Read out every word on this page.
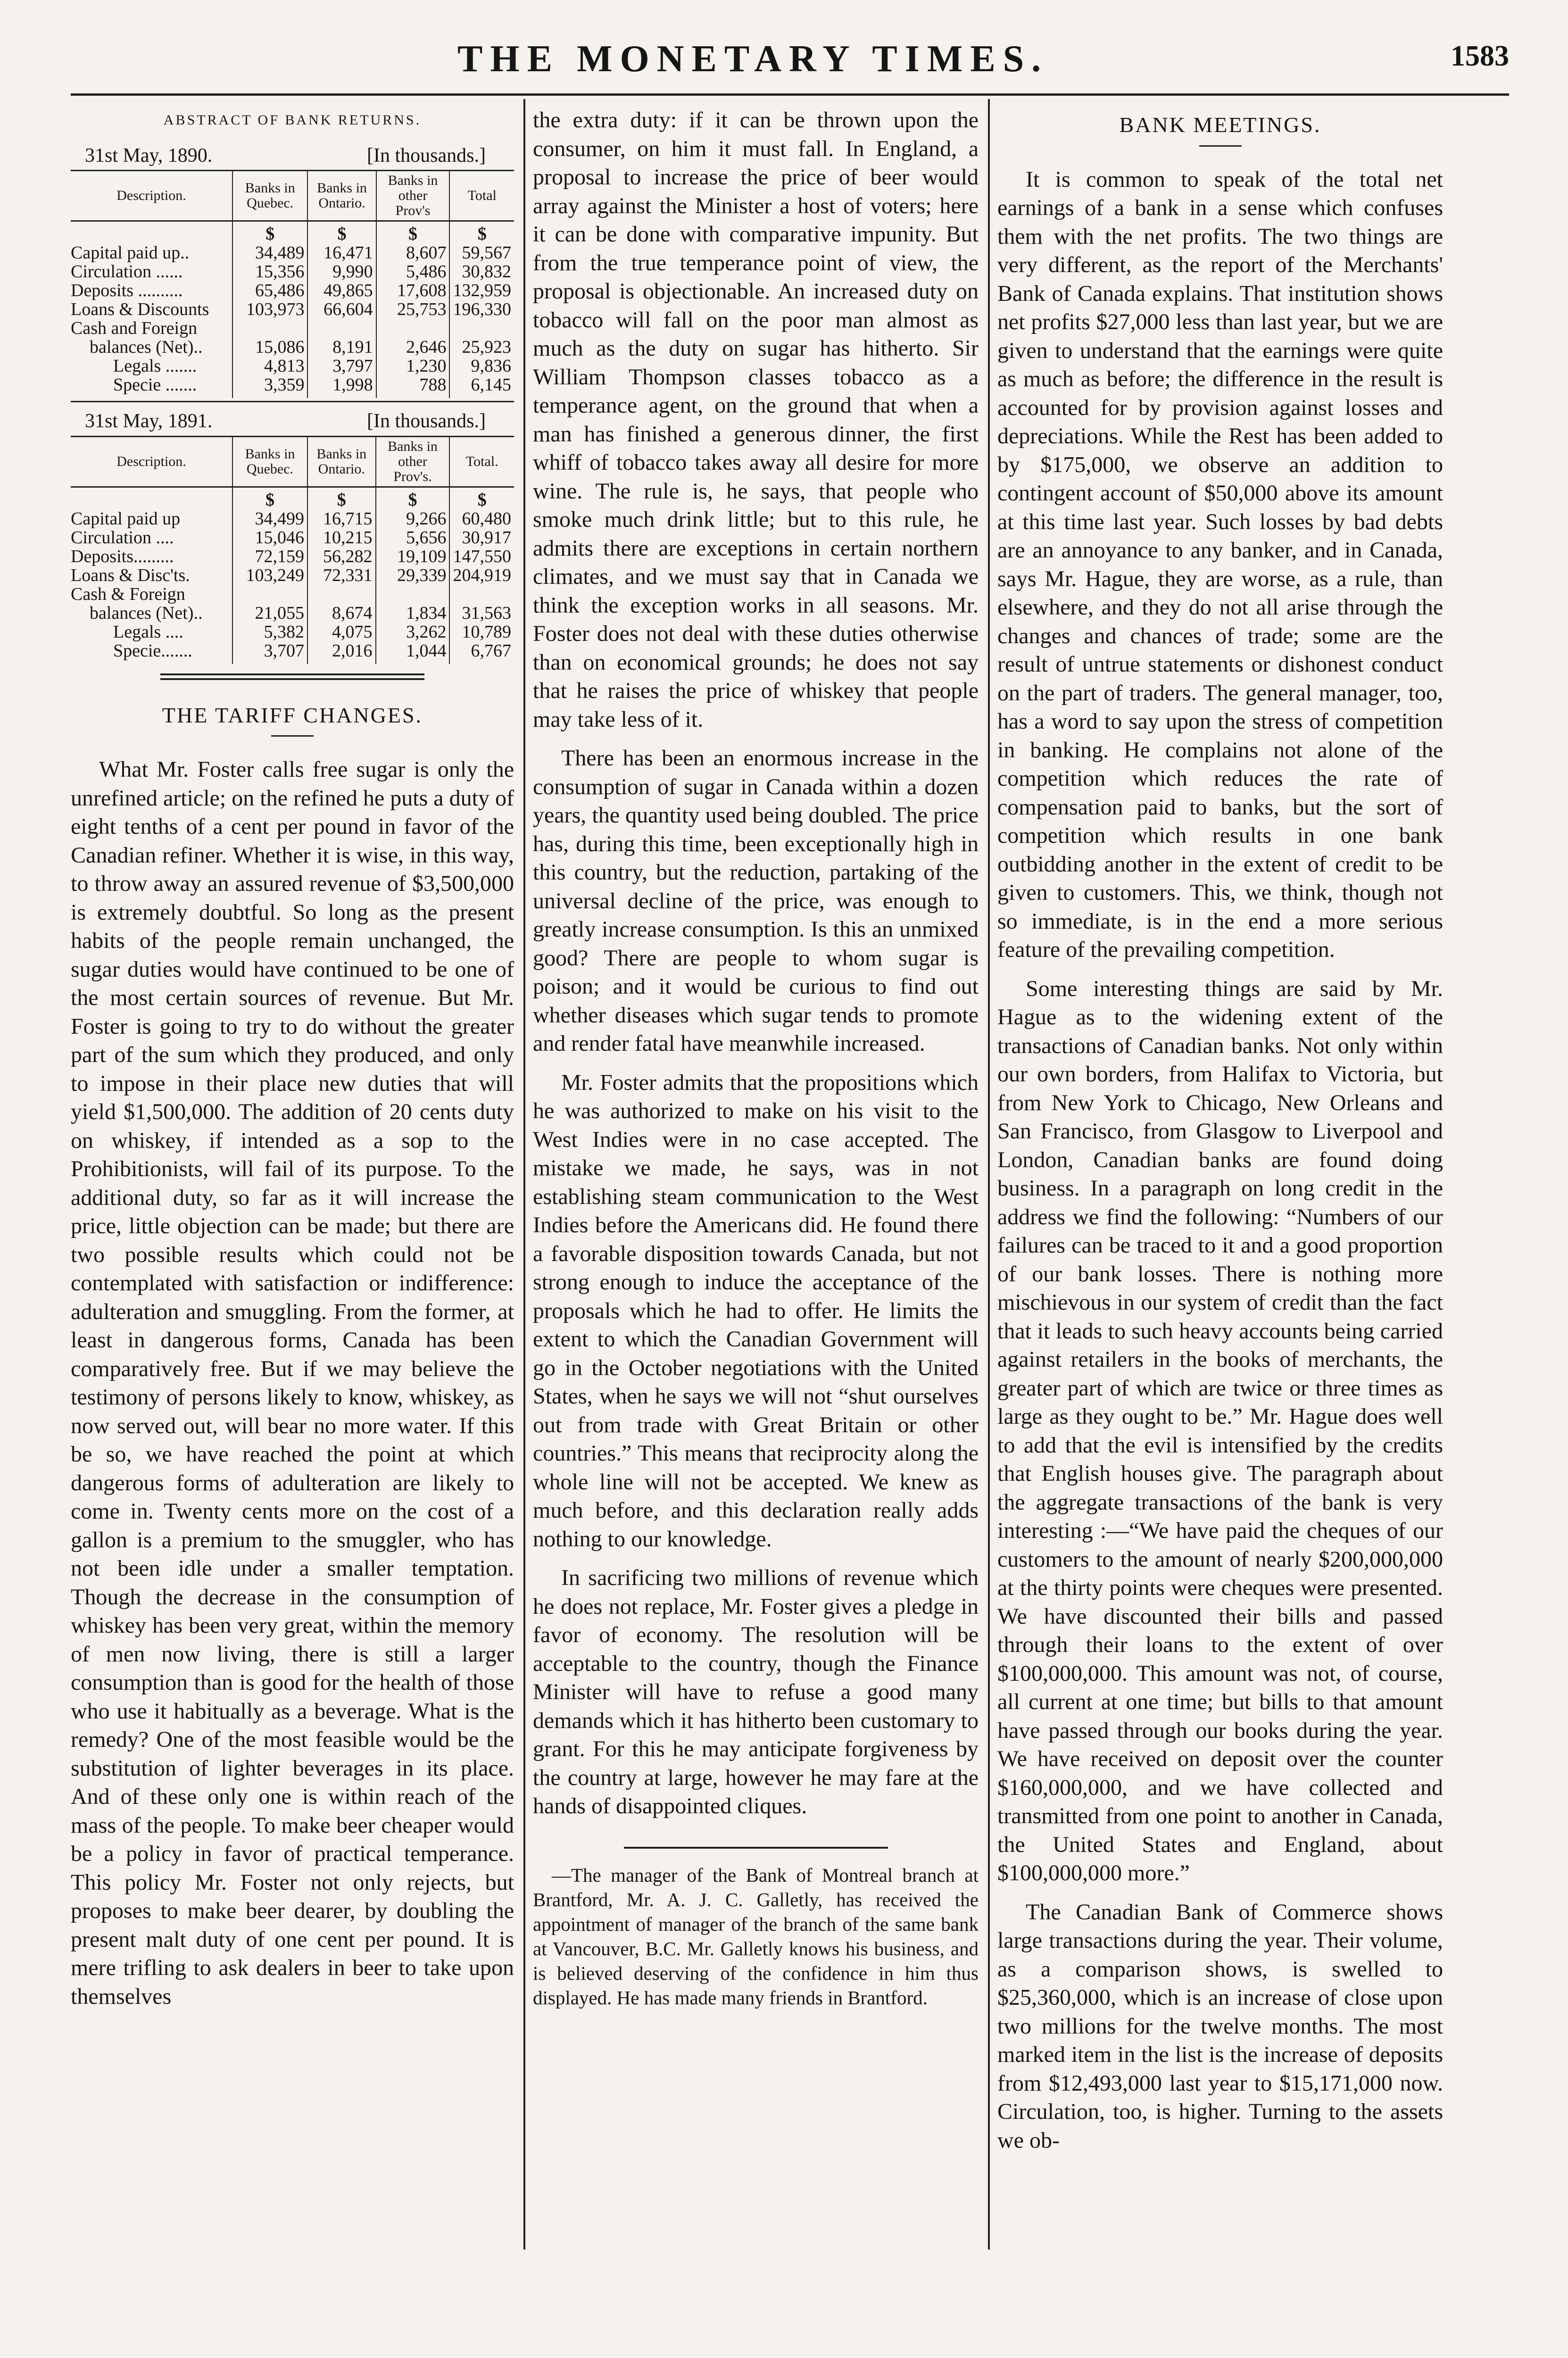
THE MONETARY TIMES.	1583
ABSTRACT OF BANK RETURNS.
31st May, 1890.	[In thousands.]
Description.	Banks in Quebec.	Banks in Ontario.	Banks in other Prov's	Total
	$	$	$	$
Capital paid up..	34,489	16,471	8,607	59,567
Circulation ......	15,356	9,990	5,486	30,832
Deposits ..........	65,486	49,865	17,608	132,959
Loans & Discounts	103,973	66,604	25,753	196,330
Cash and Foreign				
balances (Net)..	15,086	8,191	2,646	25,923
Legals .......	4,813	3,797	1,230	9,836
Specie .......	3,359	1,998	788	6,145
31st May, 1891.	[In thousands.]
Description.	Banks in Quebec.	Banks in Ontario.	Banks in other Prov's.	Total.
	$	$	$	$
Capital paid up	34,499	16,715	9,266	60,480
Circulation ....	15,046	10,215	5,656	30,917
Deposits.........	72,159	56,282	19,109	147,550
Loans & Disc'ts.	103,249	72,331	29,339	204,919
Cash & Foreign				
balances (Net)..	21,055	8,674	1,834	31,563
Legals ....	5,382	4,075	3,262	10,789
Specie.......	3,707	2,016	1,044	6,767
THE TARIFF CHANGES.

What Mr. Foster calls free sugar is only the unrefined article; on the refined he puts a duty of eight tenths of a cent per pound in favor of the Canadian refiner. Whether it is wise, in this way, to throw away an assured revenue of $3,500,000 is extremely doubtful. So long as the present habits of the people remain unchanged, the sugar duties would have continued to be one of the most certain sources of revenue. But Mr. Foster is going to try to do without the greater part of the sum which they produced, and only to impose in their place new duties that will yield $1,500,000. The addition of 20 cents duty on whiskey, if intended as a sop to the Prohibitionists, will fail of its purpose. To the additional duty, so far as it will increase the price, little objection can be made; but there are two possible results which could not be contemplated with satisfaction or indifference: adulteration and smuggling. From the former, at least in dangerous forms, Canada has been comparatively free. But if we may believe the testimony of persons likely to know, whiskey, as now served out, will bear no more water. If this be so, we have reached the point at which dangerous forms of adulteration are likely to come in. Twenty cents more on the cost of a gallon is a premium to the smuggler, who has not been idle under a smaller temptation. Though the decrease in the consumption of whiskey has been very great, within the memory of men now living, there is still a larger consumption than is good for the health of those who use it habitually as a beverage. What is the remedy? One of the most feasible would be the substitution of lighter beverages in its place. And of these only one is within reach of the mass of the people. To make beer cheaper would be a policy in favor of practical temperance. This policy Mr. Foster not only rejects, but proposes to make beer dearer, by doubling the present malt duty of one cent per pound. It is mere trifling to ask dealers in beer to take upon themselves

the extra duty: if it can be thrown upon the consumer, on him it must fall. In England, a proposal to increase the price of beer would array against the Minister a host of voters; here it can be done with comparative impunity. But from the true temperance point of view, the proposal is objectionable. An increased duty on tobacco will fall on the poor man almost as much as the duty on sugar has hitherto. Sir William Thompson classes tobacco as a temperance agent, on the ground that when a man has finished a generous dinner, the first whiff of tobacco takes away all desire for more wine. The rule is, he says, that people who smoke much drink little; but to this rule, he admits there are exceptions in certain northern climates, and we must say that in Canada we think the exception works in all seasons. Mr. Foster does not deal with these duties otherwise than on economical grounds; he does not say that he raises the price of whiskey that people may take less of it.

There has been an enormous increase in the consumption of sugar in Canada within a dozen years, the quantity used being doubled. The price has, during this time, been exceptionally high in this country, but the reduction, partaking of the universal decline of the price, was enough to greatly increase consumption. Is this an unmixed good? There are people to whom sugar is poison; and it would be curious to find out whether diseases which sugar tends to promote and render fatal have meanwhile increased.

Mr. Foster admits that the propositions which he was authorized to make on his visit to the West Indies were in no case accepted. The mistake we made, he says, was in not establishing steam communication to the West Indies before the Americans did. He found there a favorable disposition towards Canada, but not strong enough to induce the acceptance of the proposals which he had to offer. He limits the extent to which the Canadian Government will go in the October negotiations with the United States, when he says we will not “shut ourselves out from trade with Great Britain or other countries.” This means that reciprocity along the whole line will not be accepted. We knew as much before, and this declaration really adds nothing to our knowledge.

In sacrificing two millions of revenue which he does not replace, Mr. Foster gives a pledge in favor of economy. The resolution will be acceptable to the country, though the Finance Minister will have to refuse a good many demands which it has hitherto been customary to grant. For this he may anticipate forgiveness by the country at large, however he may fare at the hands of disappointed cliques.

—The manager of the Bank of Montreal branch at Brantford, Mr. A. J. C. Galletly, has received the appointment of manager of the branch of the same bank at Vancouver, B.C. Mr. Galletly knows his business, and is believed deserving of the confidence in him thus displayed. He has made many friends in Brantford.

BANK MEETINGS.

It is common to speak of the total net earnings of a bank in a sense which confuses them with the net profits. The two things are very different, as the report of the Merchants' Bank of Canada explains. That institution shows net profits $27,000 less than last year, but we are given to understand that the earnings were quite as much as before; the difference in the result is accounted for by provision against losses and depreciations. While the Rest has been added to by $175,000, we observe an addition to contingent account of $50,000 above its amount at this time last year. Such losses by bad debts are an annoyance to any banker, and in Canada, says Mr. Hague, they are worse, as a rule, than elsewhere, and they do not all arise through the changes and chances of trade; some are the result of untrue statements or dishonest conduct on the part of traders. The general manager, too, has a word to say upon the stress of competition in banking. He complains not alone of the competition which reduces the rate of compensation paid to banks, but the sort of competition which results in one bank outbidding another in the extent of credit to be given to customers. This, we think, though not so immediate, is in the end a more serious feature of the prevailing competition.

Some interesting things are said by Mr. Hague as to the widening extent of the transactions of Canadian banks. Not only within our own borders, from Halifax to Victoria, but from New York to Chicago, New Orleans and San Francisco, from Glasgow to Liverpool and London, Canadian banks are found doing business. In a paragraph on long credit in the address we find the following: “Numbers of our failures can be traced to it and a good proportion of our bank losses. There is nothing more mischievous in our system of credit than the fact that it leads to such heavy accounts being carried against retailers in the books of merchants, the greater part of which are twice or three times as large as they ought to be.” Mr. Hague does well to add that the evil is intensified by the credits that English houses give. The paragraph about the aggregate transactions of the bank is very interesting :—“We have paid the cheques of our customers to the amount of nearly $200,000,000 at the thirty points were cheques were presented. We have discounted their bills and passed through their loans to the extent of over $100,000,000. This amount was not, of course, all current at one time; but bills to that amount have passed through our books during the year. We have received on deposit over the counter $160,000,000, and we have collected and transmitted from one point to another in Canada, the United States and England, about $100,000,000 more.”

The Canadian Bank of Commerce shows large transactions during the year. Their volume, as a comparison shows, is swelled to $25,360,000, which is an increase of close upon two millions for the twelve months. The most marked item in the list is the increase of deposits from $12,493,000 last year to $15,171,000 now. Circulation, too, is higher. Turning to the assets we ob-
